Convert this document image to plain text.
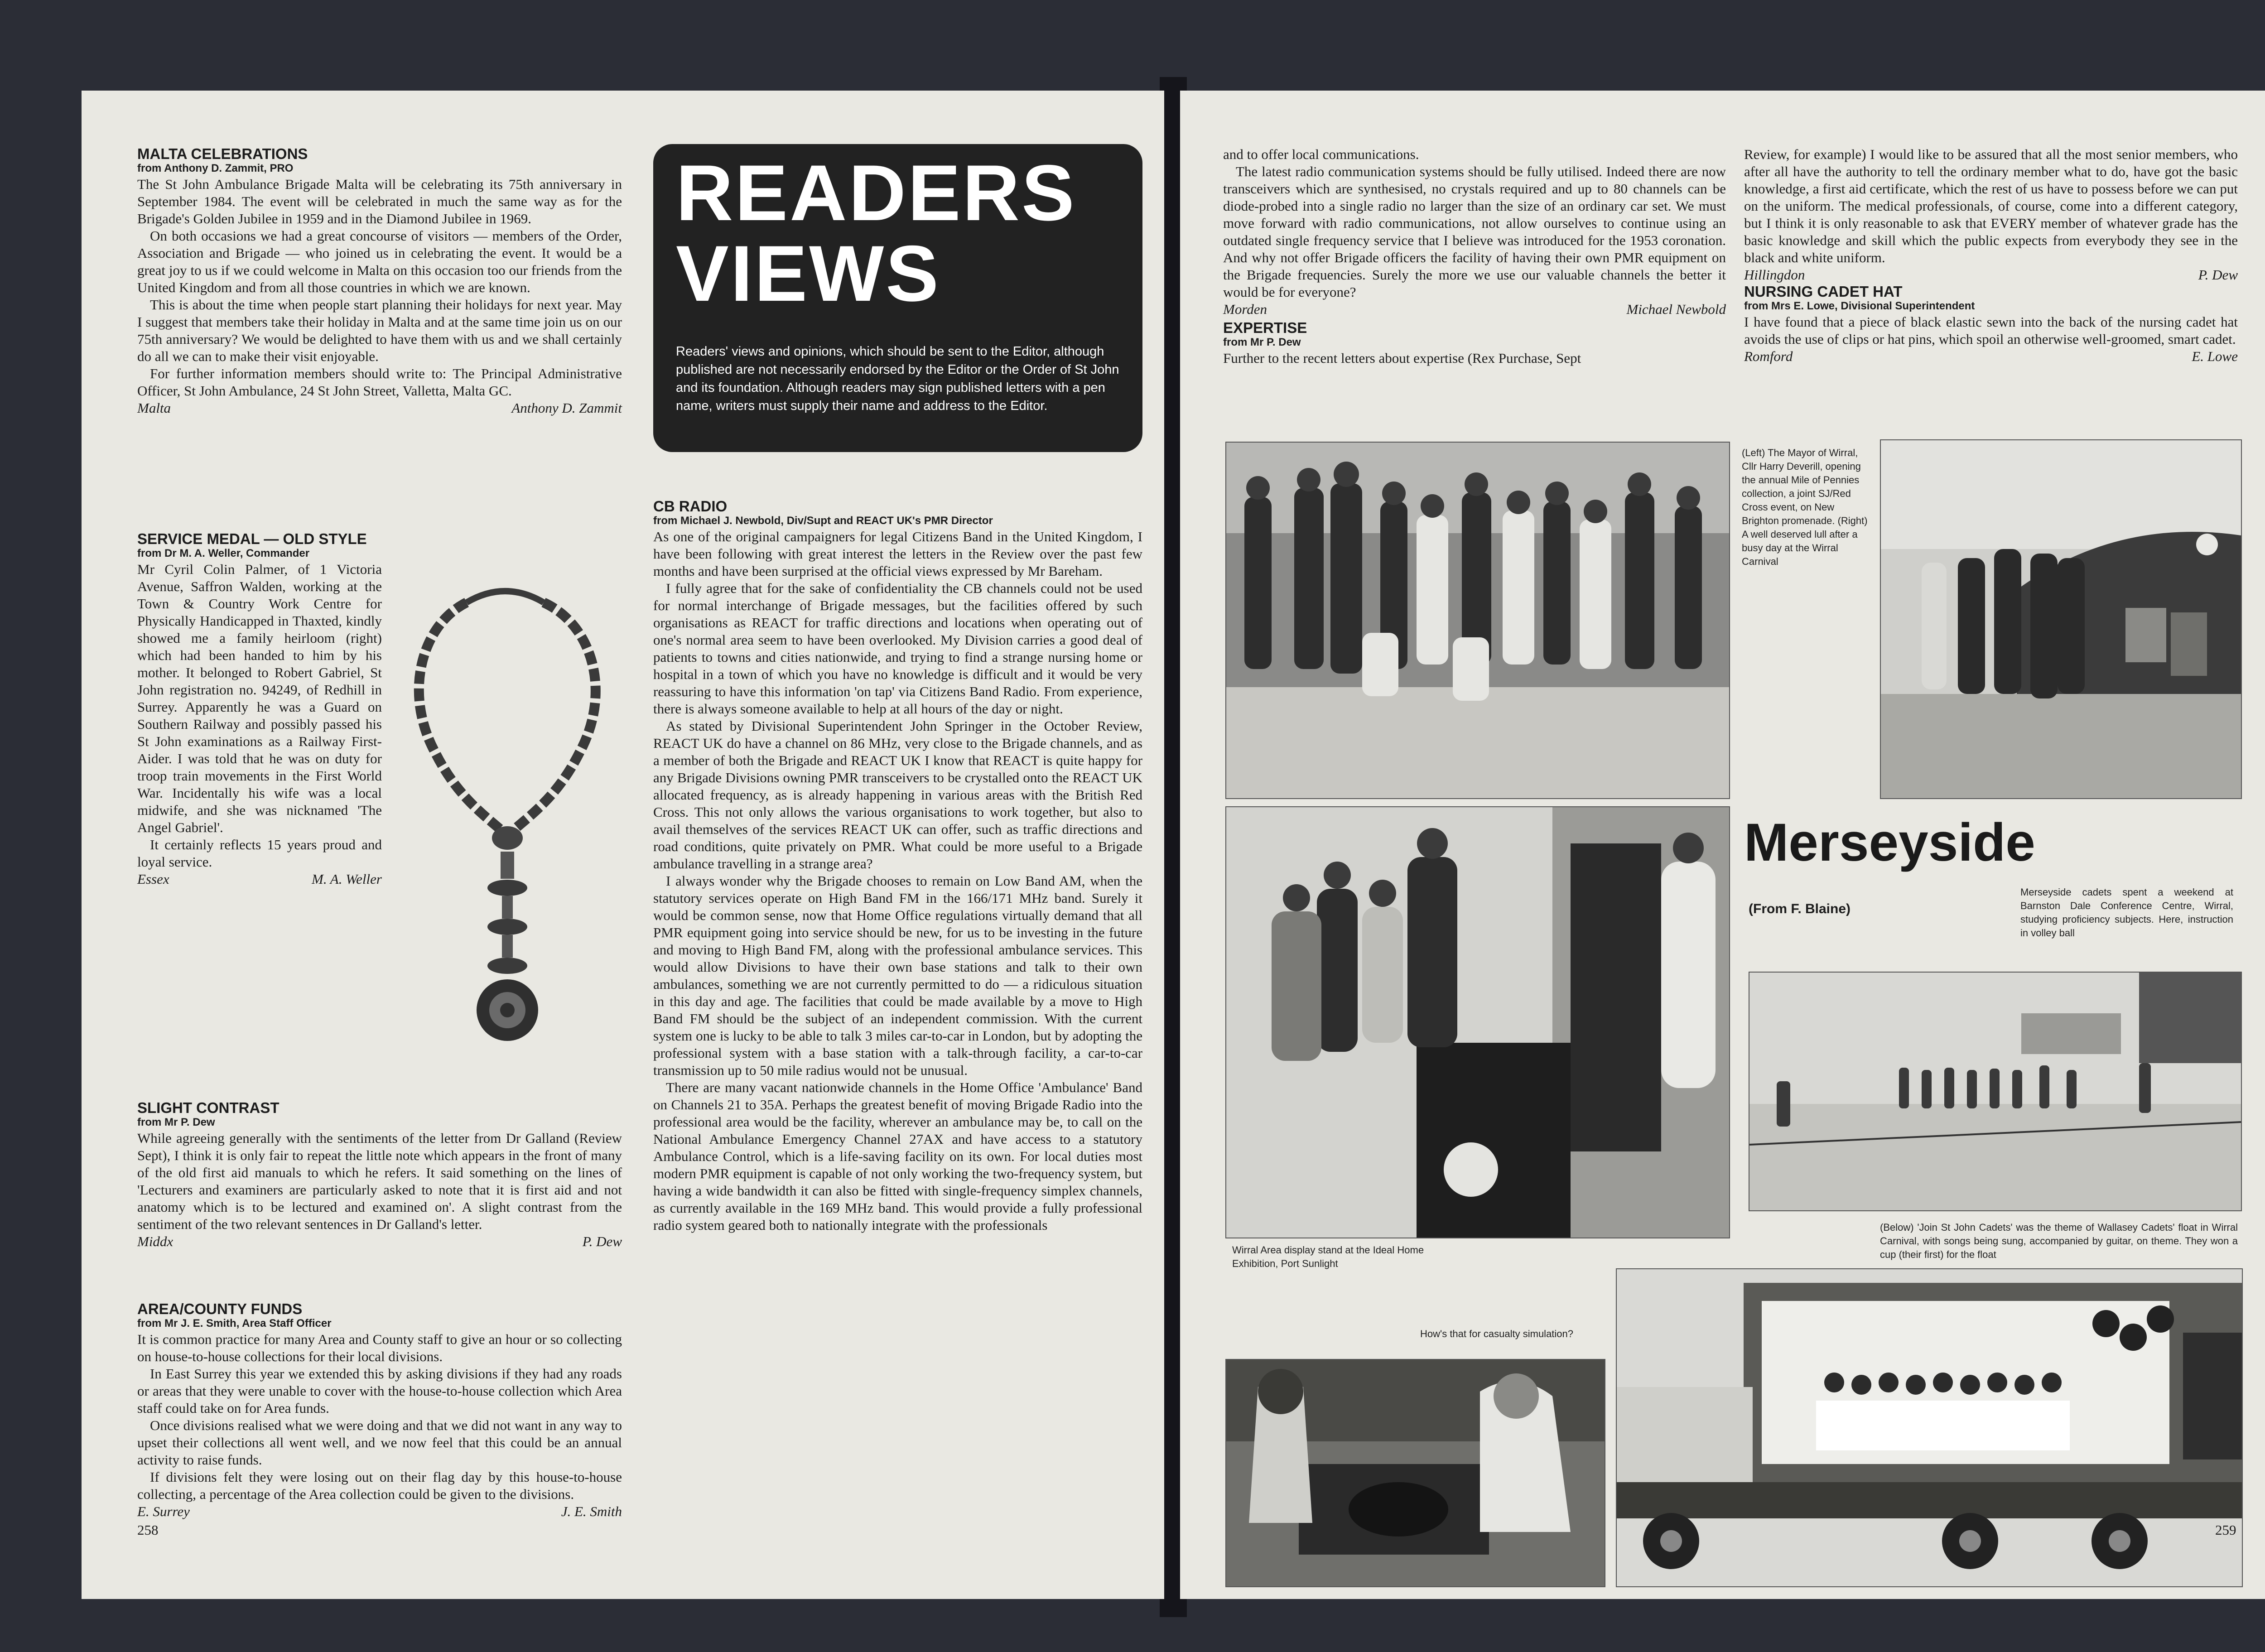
MALTA CELEBRATIONS

from Anthony D. Zammit, PRO

The St John Ambulance Brigade Malta will be celebrating its 75th anniversary in September 1984. The event will be celebrated in much the same way as for the Brigade's Golden Jubilee in 1959 and in the Diamond Jubilee in 1969.

On both occasions we had a great concourse of visitors — members of the Order, Association and Brigade — who joined us in celebrating the event. It would be a great joy to us if we could welcome in Malta on this occasion too our friends from the United Kingdom and from all those countries in which we are known.

This is about the time when people start planning their holidays for next year. May I suggest that members take their holiday in Malta and at the same time join us on our 75th anniversary? We would be delighted to have them with us and we shall certainly do all we can to make their visit enjoyable.

For further information members should write to: The Principal Administrative Officer, St John Ambulance, 24 St John Street, Valletta, Malta GC.

Malta	Anthony D. Zammit

SERVICE MEDAL — OLD STYLE

from Dr M. A. Weller, Commander

Mr Cyril Colin Palmer, of 1 Victoria Avenue, Saffron Walden, working at the Town & Country Work Centre for Physically Handicapped in Thaxted, kindly showed me a family heirloom (right) which had been handed to him by his mother. It belonged to Robert Gabriel, St John registration no. 94249, of Redhill in Surrey. Apparently he was a Guard on Southern Railway and possibly passed his St John examinations as a Railway First-Aider. I was told that he was on duty for troop train movements in the First World War. Incidentally his wife was a local midwife, and she was nicknamed 'The Angel Gabriel'.

It certainly reflects 15 years proud and loyal service.

Essex	M. A. Weller

SLIGHT CONTRAST

from Mr P. Dew

While agreeing generally with the sentiments of the letter from Dr Galland (Review Sept), I think it is only fair to repeat the little note which appears in the front of many of the old first aid manuals to which he refers. It said something on the lines of 'Lecturers and examiners are particularly asked to note that it is first aid and not anatomy which is to be lectured and examined on'. A slight contrast from the sentiment of the two relevant sentences in Dr Galland's letter.

Middx	P. Dew

AREA/COUNTY FUNDS

from Mr J. E. Smith, Area Staff Officer

It is common practice for many Area and County staff to give an hour or so collecting on house-to-house collections for their local divisions.

In East Surrey this year we extended this by asking divisions if they had any roads or areas that they were unable to cover with the house-to-house collection which Area staff could take on for Area funds.

Once divisions realised what we were doing and that we did not want in any way to upset their collections all went well, and we now feel that this could be an annual activity to raise funds.

If divisions felt they were losing out on their flag day by this house-to-house collecting, a percentage of the Area collection could be given to the divisions.

E. Surrey	J. E. Smith
258
READERS
VIEWS

Readers' views and opinions, which should be sent to the Editor, although published are not necessarily endorsed by the Editor or the Order of St John and its foundation. Although readers may sign published letters with a pen name, writers must supply their name and address to the Editor.

CB RADIO

from Michael J. Newbold, Div/Supt and REACT UK's PMR Director

As one of the original campaigners for legal Citizens Band in the United Kingdom, I have been following with great interest the letters in the Review over the past few months and have been surprised at the official views expressed by Mr Bareham.

I fully agree that for the sake of confidentiality the CB channels could not be used for normal interchange of Brigade messages, but the facilities offered by such organisations as REACT for traffic directions and locations when operating out of one's normal area seem to have been overlooked. My Division carries a good deal of patients to towns and cities nationwide, and trying to find a strange nursing home or hospital in a town of which you have no knowledge is difficult and it would be very reassuring to have this information 'on tap' via Citizens Band Radio. From experience, there is always someone available to help at all hours of the day or night.

As stated by Divisional Superintendent John Springer in the October Review, REACT UK do have a channel on 86 MHz, very close to the Brigade channels, and as a member of both the Brigade and REACT UK I know that REACT is quite happy for any Brigade Divisions owning PMR transceivers to be crystalled onto the REACT UK allocated frequency, as is already happening in various areas with the British Red Cross. This not only allows the various organisations to work together, but also to avail themselves of the services REACT UK can offer, such as traffic directions and road conditions, quite privately on PMR. What could be more useful to a Brigade ambulance travelling in a strange area?

I always wonder why the Brigade chooses to remain on Low Band AM, when the statutory services operate on High Band FM in the 166/171 MHz band. Surely it would be common sense, now that Home Office regulations virtually demand that all PMR equipment going into service should be new, for us to be investing in the future and moving to High Band FM, along with the professional ambulance services. This would allow Divisions to have their own base stations and talk to their own ambulances, something we are not currently permitted to do — a ridiculous situation in this day and age. The facilities that could be made available by a move to High Band FM should be the subject of an independent commission. With the current system one is lucky to be able to talk 3 miles car-to-car in London, but by adopting the professional system with a base station with a talk-through facility, a car-to-car transmission up to 50 mile radius would not be unusual.

There are many vacant nationwide channels in the Home Office 'Ambulance' Band on Channels 21 to 35A. Perhaps the greatest benefit of moving Brigade Radio into the professional area would be the facility, wherever an ambulance may be, to call on the National Ambulance Emergency Channel 27AX and have access to a statutory Ambulance Control, which is a life-saving facility on its own. For local duties most modern PMR equipment is capable of not only working the two-frequency system, but having a wide bandwidth it can also be fitted with single-frequency simplex channels, as currently available in the 169 MHz band. This would provide a fully professional radio system geared both to nationally integrate with the professionals

and to offer local communications.

The latest radio communication systems should be fully utilised. Indeed there are now transceivers which are synthesised, no crystals required and up to 80 channels can be diode-probed into a single radio no larger than the size of an ordinary car set. We must move forward with radio communications, not allow ourselves to continue using an outdated single frequency service that I believe was introduced for the 1953 coronation. And why not offer Brigade officers the facility of having their own PMR equipment on the Brigade frequencies. Surely the more we use our valuable channels the better it would be for everyone?

Morden	Michael Newbold

EXPERTISE

from Mr P. Dew

Further to the recent letters about expertise (Rex Purchase, Sept

Review, for example) I would like to be assured that all the most senior members, who after all have the authority to tell the ordinary member what to do, have got the basic knowledge, a first aid certificate, which the rest of us have to possess before we can put on the uniform. The medical professionals, of course, come into a different category, but I think it is only reasonable to ask that EVERY member of whatever grade has the basic knowledge and skill which the public expects from everybody they see in the black and white uniform.

Hillingdon	P. Dew

NURSING CADET HAT

from Mrs E. Lowe, Divisional Superintendent

I have found that a piece of black elastic sewn into the back of the nursing cadet hat avoids the use of clips or hat pins, which spoil an otherwise well-groomed, smart cadet.

Romford	E. Lowe
(Left) The Mayor of Wirral, Cllr Harry Deverill, opening the annual Mile of Pennies collection, a joint SJ/Red Cross event, on New Brighton promenade. (Right) A well deserved lull after a busy day at the Wirral Carnival
Merseyside
(From F. Blaine)
Merseyside cadets spent a weekend at Barnston Dale Conference Centre, Wirral, studying proficiency subjects. Here, instruction in volley ball
(Below) 'Join St John Cadets' was the theme of Wallasey Cadets' float in Wirral Carnival, with songs being sung, accompanied by guitar, on theme. They won a cup (their first) for the float
Wirral Area display stand at the Ideal Home Exhibition, Port Sunlight
How's that for casualty simulation?
259
